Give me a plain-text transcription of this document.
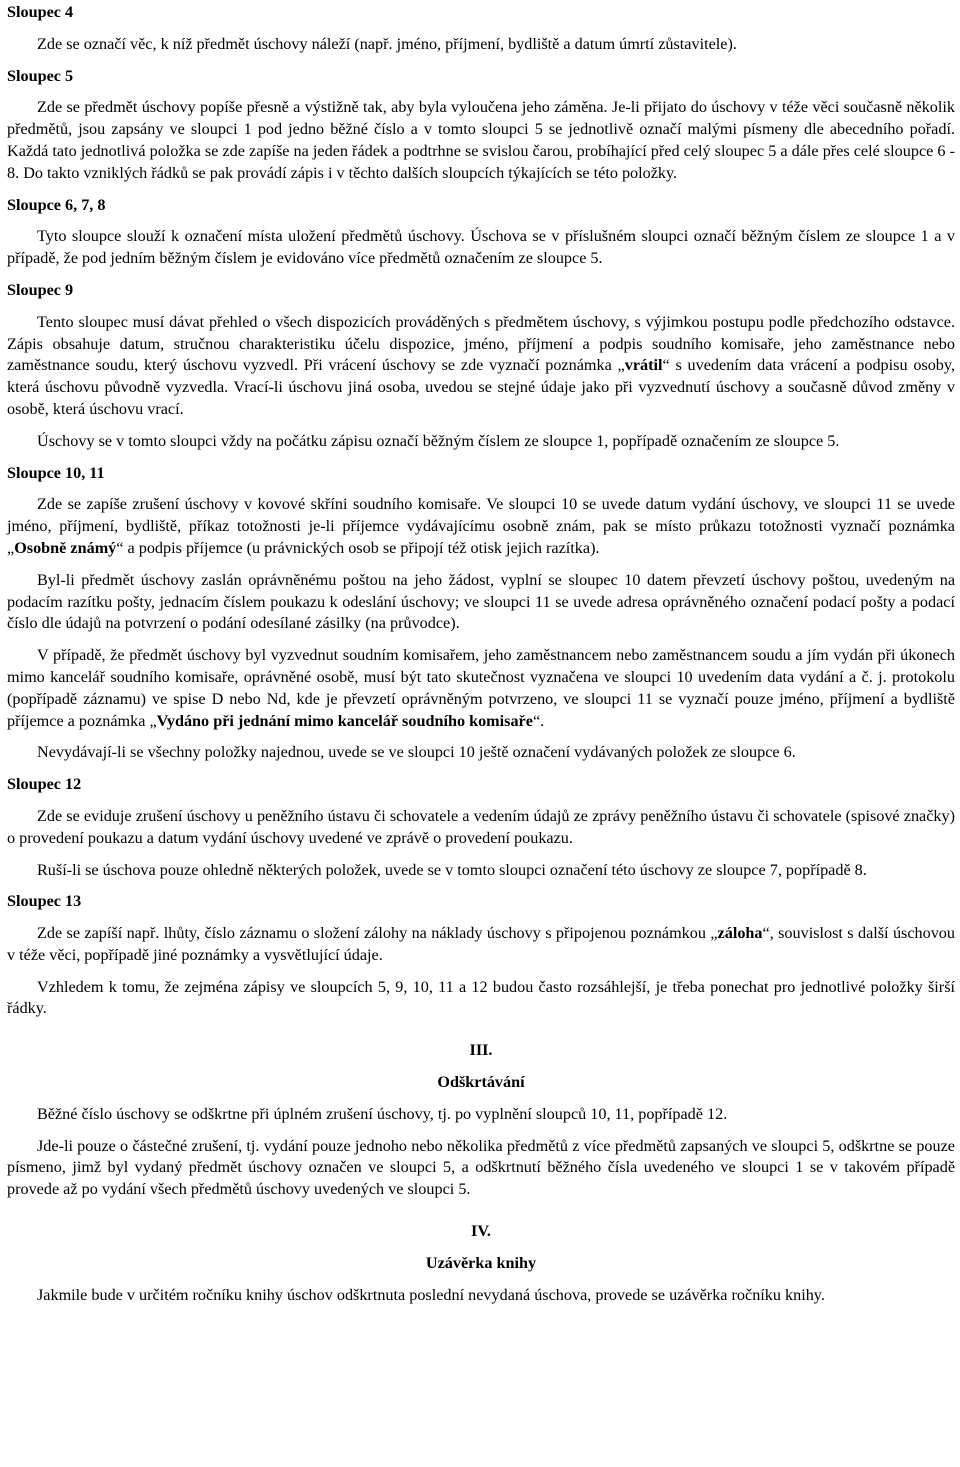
Sloupec 4

Zde se označí věc, k níž předmět úschovy náleží (např. jméno, příjmení, bydliště a datum úmrtí zůstavitele).

Sloupec 5

Zde se předmět úschovy popíše přesně a výstižně tak, aby byla vyloučena jeho záměna. Je-li přijato do úschovy v téže věci současně několik předmětů, jsou zapsány ve sloupci 1 pod jedno běžné číslo a v tomto sloupci 5 se jednotlivě označí malými písmeny dle abecedního pořadí. Každá tato jednotlivá položka se zde zapíše na jeden řádek a podtrhne se svislou čarou, probíhající před celý sloupec 5 a dále přes celé sloupce 6 - 8. Do takto vzniklých řádků se pak provádí zápis i v těchto dalších sloupcích týkajících se této položky.

Sloupce 6, 7, 8

Tyto sloupce slouží k označení místa uložení předmětů úschovy. Úschova se v příslušném sloupci označí běžným číslem ze sloupce 1 a v případě, že pod jedním běžným číslem je evidováno více předmětů označením ze sloupce 5.

Sloupec 9

Tento sloupec musí dávat přehled o všech dispozicích prováděných s předmětem úschovy, s výjimkou postupu podle předchozího odstavce. Zápis obsahuje datum, stručnou charakteristiku účelu dispozice, jméno, příjmení a podpis soudního komisaře, jeho zaměstnance nebo zaměstnance soudu, který úschovu vyzvedl. Při vrácení úschovy se zde vyznačí poznámka „vrátil“ s uvedením data vrácení a podpisu osoby, která úschovu původně vyzvedla. Vrací-li úschovu jiná osoba, uvedou se stejné údaje jako při vyzvednutí úschovy a současně důvod změny v osobě, která úschovu vrací.

Úschovy se v tomto sloupci vždy na počátku zápisu označí běžným číslem ze sloupce 1, popřípadě označením ze sloupce 5.

Sloupce 10, 11

Zde se zapíše zrušení úschovy v kovové skříni soudního komisaře. Ve sloupci 10 se uvede datum vydání úschovy, ve sloupci 11 se uvede jméno, příjmení, bydliště, příkaz totožnosti je-li příjemce vydávajícímu osobně znám, pak se místo průkazu totožnosti vyznačí poznámka „Osobně známý“ a podpis příjemce (u právnických osob se připojí též otisk jejich razítka).

Byl-li předmět úschovy zaslán oprávněnému poštou na jeho žádost, vyplní se sloupec 10 datem převzetí úschovy poštou, uvedeným na podacím razítku pošty, jednacím číslem poukazu k odeslání úschovy; ve sloupci 11 se uvede adresa oprávněného označení podací pošty a podací číslo dle údajů na potvrzení o podání odesílané zásilky (na průvodce).

V případě, že předmět úschovy byl vyzvednut soudním komisařem, jeho zaměstnancem nebo zaměstnancem soudu a jím vydán při úkonech mimo kancelář soudního komisaře, oprávněné osobě, musí být tato skutečnost vyznačena ve sloupci 10 uvedením data vydání a č. j. protokolu (popřípadě záznamu) ve spise D nebo Nd, kde je převzetí oprávněným potvrzeno, ve sloupci 11 se vyznačí pouze jméno, příjmení a bydliště příjemce a poznámka „Vydáno při jednání mimo kancelář soudního komisaře“.

Nevydávají-li se všechny položky najednou, uvede se ve sloupci 10 ještě označení vydávaných položek ze sloupce 6.

Sloupec 12

Zde se eviduje zrušení úschovy u peněžního ústavu či schovatele a vedením údajů ze zprávy peněžního ústavu či schovatele (spisové značky) o provedení poukazu a datum vydání úschovy uvedené ve zprávě o provedení poukazu.

Ruší-li se úschova pouze ohledně některých položek, uvede se v tomto sloupci označení této úschovy ze sloupce 7, popřípadě 8.

Sloupec 13

Zde se zapíší např. lhůty, číslo záznamu o složení zálohy na náklady úschovy s připojenou poznámkou „záloha“, souvislost s další úschovou v téže věci, popřípadě jiné poznámky a vysvětlující údaje.

Vzhledem k tomu, že zejména zápisy ve sloupcích 5, 9, 10, 11 a 12 budou často rozsáhlejší, je třeba ponechat pro jednotlivé položky širší řádky.

III.

Odškrtávání

Běžné číslo úschovy se odškrtne při úplném zrušení úschovy, tj. po vyplnění sloupců 10, 11, popřípadě 12.

Jde-li pouze o částečné zrušení, tj. vydání pouze jednoho nebo několika předmětů z více předmětů zapsaných ve sloupci 5, odškrtne se pouze písmeno, jimž byl vydaný předmět úschovy označen ve sloupci 5, a odškrtnutí běžného čísla uvedeného ve sloupci 1 se v takovém případě provede až po vydání všech předmětů úschovy uvedených ve sloupci 5.

IV.

Uzávěrka knihy

Jakmile bude v určitém ročníku knihy úschov odškrtnuta poslední nevydaná úschova, provede se uzávěrka ročníku knihy.
